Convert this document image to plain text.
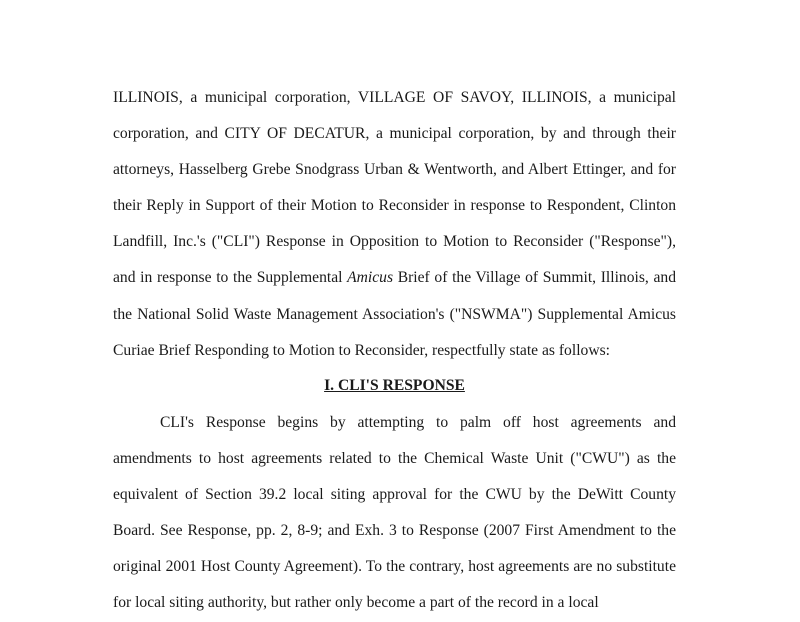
ILLINOIS, a municipal corporation, VILLAGE OF SAVOY, ILLINOIS, a municipal corporation, and CITY OF DECATUR, a municipal corporation, by and through their attorneys, Hasselberg Grebe Snodgrass Urban & Wentworth, and Albert Ettinger, and for their Reply in Support of their Motion to Reconsider in response to Respondent, Clinton Landfill, Inc.'s ("CLI") Response in Opposition to Motion to Reconsider ("Response"), and in response to the Supplemental Amicus Brief of the Village of Summit, Illinois, and the National Solid Waste Management Association's ("NSWMA") Supplemental Amicus Curiae Brief Responding to Motion to Reconsider, respectfully state as follows:

I. CLI'S RESPONSE

CLI's Response begins by attempting to palm off host agreements and amendments to host agreements related to the Chemical Waste Unit ("CWU") as the equivalent of Section 39.2 local siting approval for the CWU by the DeWitt County Board. See Response, pp. 2, 8-9; and Exh. 3 to Response (2007 First Amendment to the original 2001 Host County Agreement). To the contrary, host agreements are no substitute for local siting authority, but rather only become a part of the record in a local
